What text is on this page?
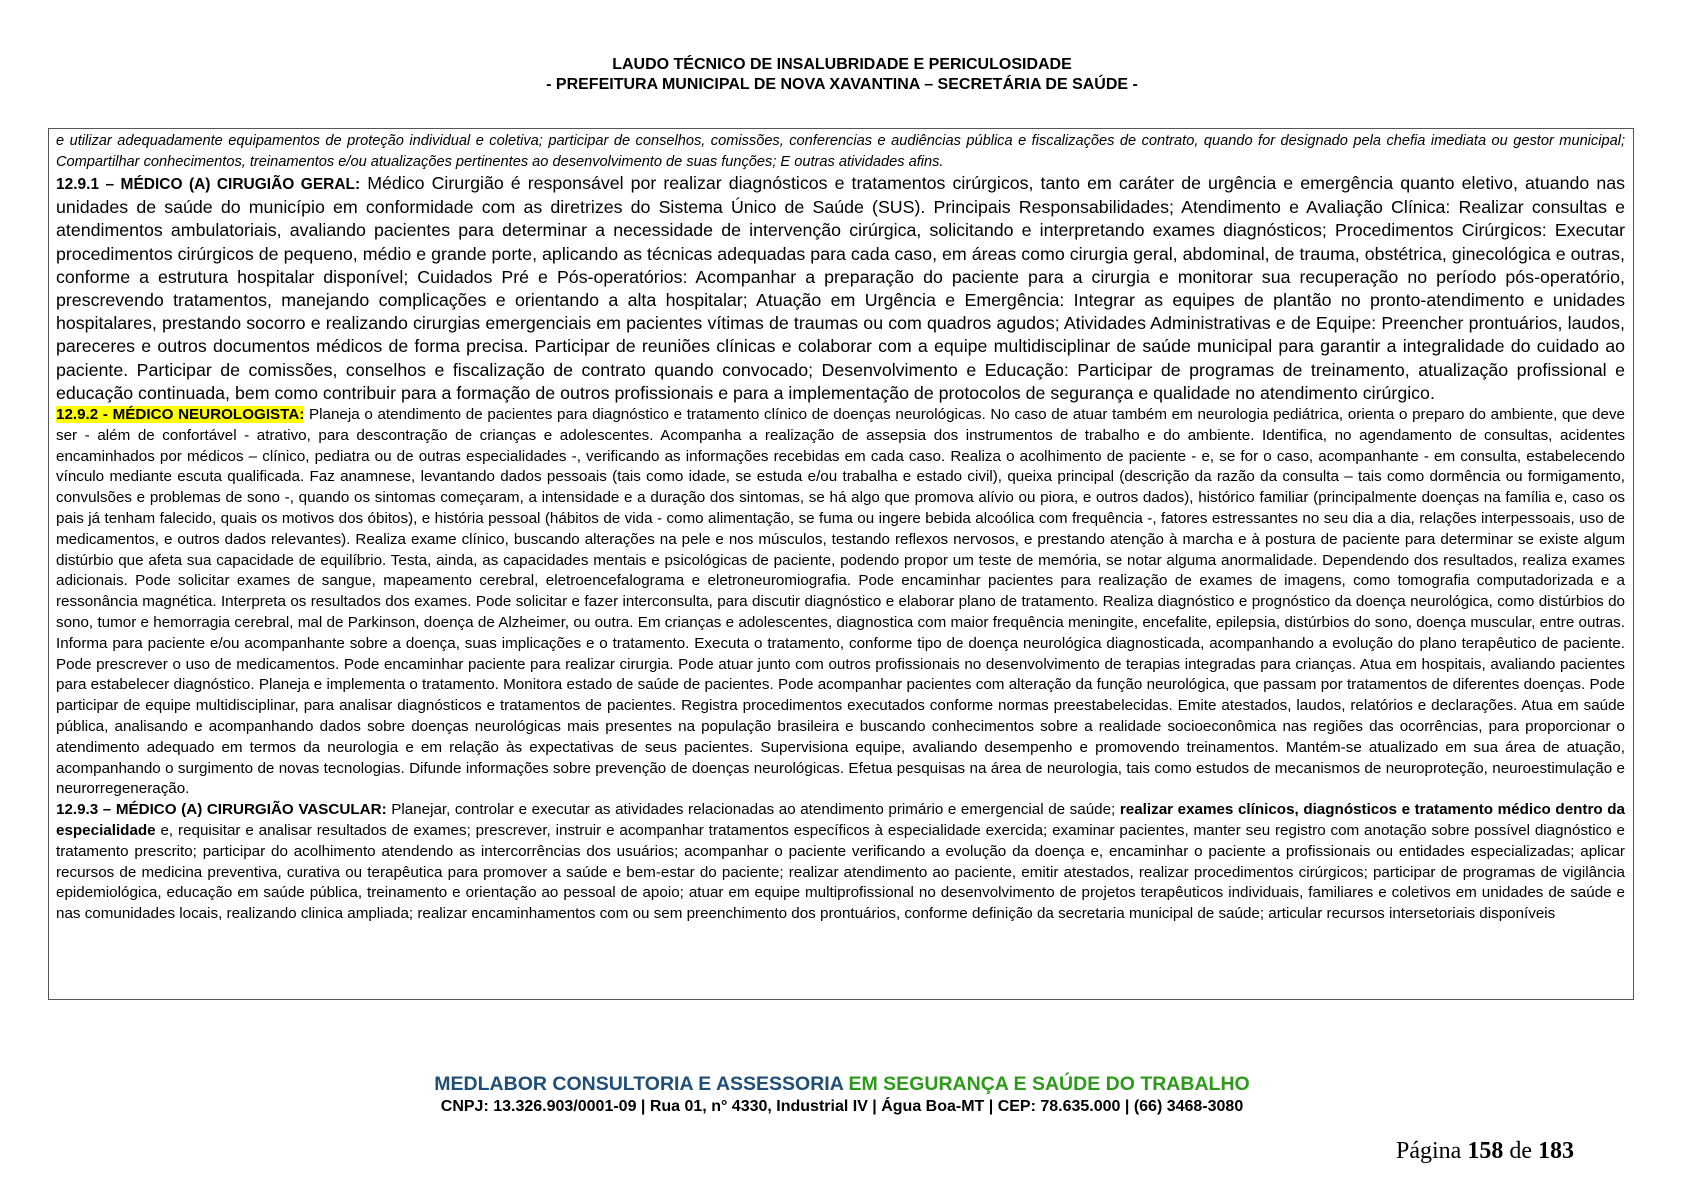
LAUDO TÉCNICO DE INSALUBRIDADE E PERICULOSIDADE
- PREFEITURA MUNICIPAL DE NOVA XAVANTINA – SECRETÁRIA DE SAÚDE -

e utilizar adequadamente equipamentos de proteção individual e coletiva; participar de conselhos, comissões, conferencias e audiências pública e fiscalizações de contrato, quando for designado pela chefia imediata ou gestor municipal; Compartilhar conhecimentos, treinamentos e/ou atualizações pertinentes ao desenvolvimento de suas funções; E outras atividades afins.

12.9.1 – MÉDICO (A) CIRUGIÃO GERAL: Médico Cirurgião é responsável por realizar diagnósticos e tratamentos cirúrgicos, tanto em caráter de urgência e emergência quanto eletivo, atuando nas unidades de saúde do município em conformidade com as diretrizes do Sistema Único de Saúde (SUS). Principais Responsabilidades; Atendimento e Avaliação Clínica: Realizar consultas e atendimentos ambulatoriais, avaliando pacientes para determinar a necessidade de intervenção cirúrgica, solicitando e interpretando exames diagnósticos; Procedimentos Cirúrgicos: Executar procedimentos cirúrgicos de pequeno, médio e grande porte, aplicando as técnicas adequadas para cada caso, em áreas como cirurgia geral, abdominal, de trauma, obstétrica, ginecológica e outras, conforme a estrutura hospitalar disponível; Cuidados Pré e Pós-operatórios: Acompanhar a preparação do paciente para a cirurgia e monitorar sua recuperação no período pós-operatório, prescrevendo tratamentos, manejando complicações e orientando a alta hospitalar; Atuação em Urgência e Emergência: Integrar as equipes de plantão no pronto-atendimento e unidades hospitalares, prestando socorro e realizando cirurgias emergenciais em pacientes vítimas de traumas ou com quadros agudos; Atividades Administrativas e de Equipe: Preencher prontuários, laudos, pareceres e outros documentos médicos de forma precisa. Participar de reuniões clínicas e colaborar com a equipe multidisciplinar de saúde municipal para garantir a integralidade do cuidado ao paciente. Participar de comissões, conselhos e fiscalização de contrato quando convocado; Desenvolvimento e Educação: Participar de programas de treinamento, atualização profissional e educação continuada, bem como contribuir para a formação de outros profissionais e para a implementação de protocolos de segurança e qualidade no atendimento cirúrgico.

12.9.2 - MÉDICO NEUROLOGISTA: Planeja o atendimento de pacientes para diagnóstico e tratamento clínico de doenças neurológicas. No caso de atuar também em neurologia pediátrica, orienta o preparo do ambiente, que deve ser - além de confortável - atrativo, para descontração de crianças e adolescentes. Acompanha a realização de assepsia dos instrumentos de trabalho e do ambiente. Identifica, no agendamento de consultas, acidentes encaminhados por médicos – clínico, pediatra ou de outras especialidades -, verificando as informações recebidas em cada caso. Realiza o acolhimento de paciente - e, se for o caso, acompanhante - em consulta, estabelecendo vínculo mediante escuta qualificada. Faz anamnese, levantando dados pessoais (tais como idade, se estuda e/ou trabalha e estado civil), queixa principal (descrição da razão da consulta – tais como dormência ou formigamento, convulsões e problemas de sono -, quando os sintomas começaram, a intensidade e a duração dos sintomas, se há algo que promova alívio ou piora, e outros dados), histórico familiar (principalmente doenças na família e, caso os pais já tenham falecido, quais os motivos dos óbitos), e história pessoal (hábitos de vida - como alimentação, se fuma ou ingere bebida alcoólica com frequência -, fatores estressantes no seu dia a dia, relações interpessoais, uso de medicamentos, e outros dados relevantes). Realiza exame clínico, buscando alterações na pele e nos músculos, testando reflexos nervosos, e prestando atenção à marcha e à postura de paciente para determinar se existe algum distúrbio que afeta sua capacidade de equilíbrio. Testa, ainda, as capacidades mentais e psicológicas de paciente, podendo propor um teste de memória, se notar alguma anormalidade. Dependendo dos resultados, realiza exames adicionais. Pode solicitar exames de sangue, mapeamento cerebral, eletroencefalograma e eletroneuromiografia. Pode encaminhar pacientes para realização de exames de imagens, como tomografia computadorizada e a ressonância magnética. Interpreta os resultados dos exames. Pode solicitar e fazer interconsulta, para discutir diagnóstico e elaborar plano de tratamento. Realiza diagnóstico e prognóstico da doença neurológica, como distúrbios do sono, tumor e hemorragia cerebral, mal de Parkinson, doença de Alzheimer, ou outra. Em crianças e adolescentes, diagnostica com maior frequência meningite, encefalite, epilepsia, distúrbios do sono, doença muscular, entre outras. Informa para paciente e/ou acompanhante sobre a doença, suas implicações e o tratamento. Executa o tratamento, conforme tipo de doença neurológica diagnosticada, acompanhando a evolução do plano terapêutico de paciente. Pode prescrever o uso de medicamentos. Pode encaminhar paciente para realizar cirurgia. Pode atuar junto com outros profissionais no desenvolvimento de terapias integradas para crianças. Atua em hospitais, avaliando pacientes para estabelecer diagnóstico. Planeja e implementa o tratamento. Monitora estado de saúde de pacientes. Pode acompanhar pacientes com alteração da função neurológica, que passam por tratamentos de diferentes doenças. Pode participar de equipe multidisciplinar, para analisar diagnósticos e tratamentos de pacientes. Registra procedimentos executados conforme normas preestabelecidas. Emite atestados, laudos, relatórios e declarações. Atua em saúde pública, analisando e acompanhando dados sobre doenças neurológicas mais presentes na população brasileira e buscando conhecimentos sobre a realidade socioeconômica nas regiões das ocorrências, para proporcionar o atendimento adequado em termos da neurologia e em relação às expectativas de seus pacientes. Supervisiona equipe, avaliando desempenho e promovendo treinamentos. Mantém-se atualizado em sua área de atuação, acompanhando o surgimento de novas tecnologias. Difunde informações sobre prevenção de doenças neurológicas. Efetua pesquisas na área de neurologia, tais como estudos de mecanismos de neuroproteção, neuroestimulação e neurorregeneração.

12.9.3 – MÉDICO (A) CIRURGIÃO VASCULAR: Planejar, controlar e executar as atividades relacionadas ao atendimento primário e emergencial de saúde; realizar exames clínicos, diagnósticos e tratamento médico dentro da especialidade e, requisitar e analisar resultados de exames; prescrever, instruir e acompanhar tratamentos específicos à especialidade exercida; examinar pacientes, manter seu registro com anotação sobre possível diagnóstico e tratamento prescrito; participar do acolhimento atendendo as intercorrências dos usuários; acompanhar o paciente verificando a evolução da doença e, encaminhar o paciente a profissionais ou entidades especializadas; aplicar recursos de medicina preventiva, curativa ou terapêutica para promover a saúde e bem-estar do paciente; realizar atendimento ao paciente, emitir atestados, realizar procedimentos cirúrgicos; participar de programas de vigilância epidemiológica, educação em saúde pública, treinamento e orientação ao pessoal de apoio; atuar em equipe multiprofissional no desenvolvimento de projetos terapêuticos individuais, familiares e coletivos em unidades de saúde e nas comunidades locais, realizando clinica ampliada; realizar encaminhamentos com ou sem preenchimento dos prontuários, conforme definição da secretaria municipal de saúde; articular recursos intersetoriais disponíveis

MEDLABOR CONSULTORIA E ASSESSORIA EM SEGURANÇA E SAÚDE DO TRABALHO
CNPJ: 13.326.903/0001-09 | Rua 01, n° 4330, Industrial IV | Água Boa-MT | CEP: 78.635.000 | (66) 3468-3080
Página 158 de 183
